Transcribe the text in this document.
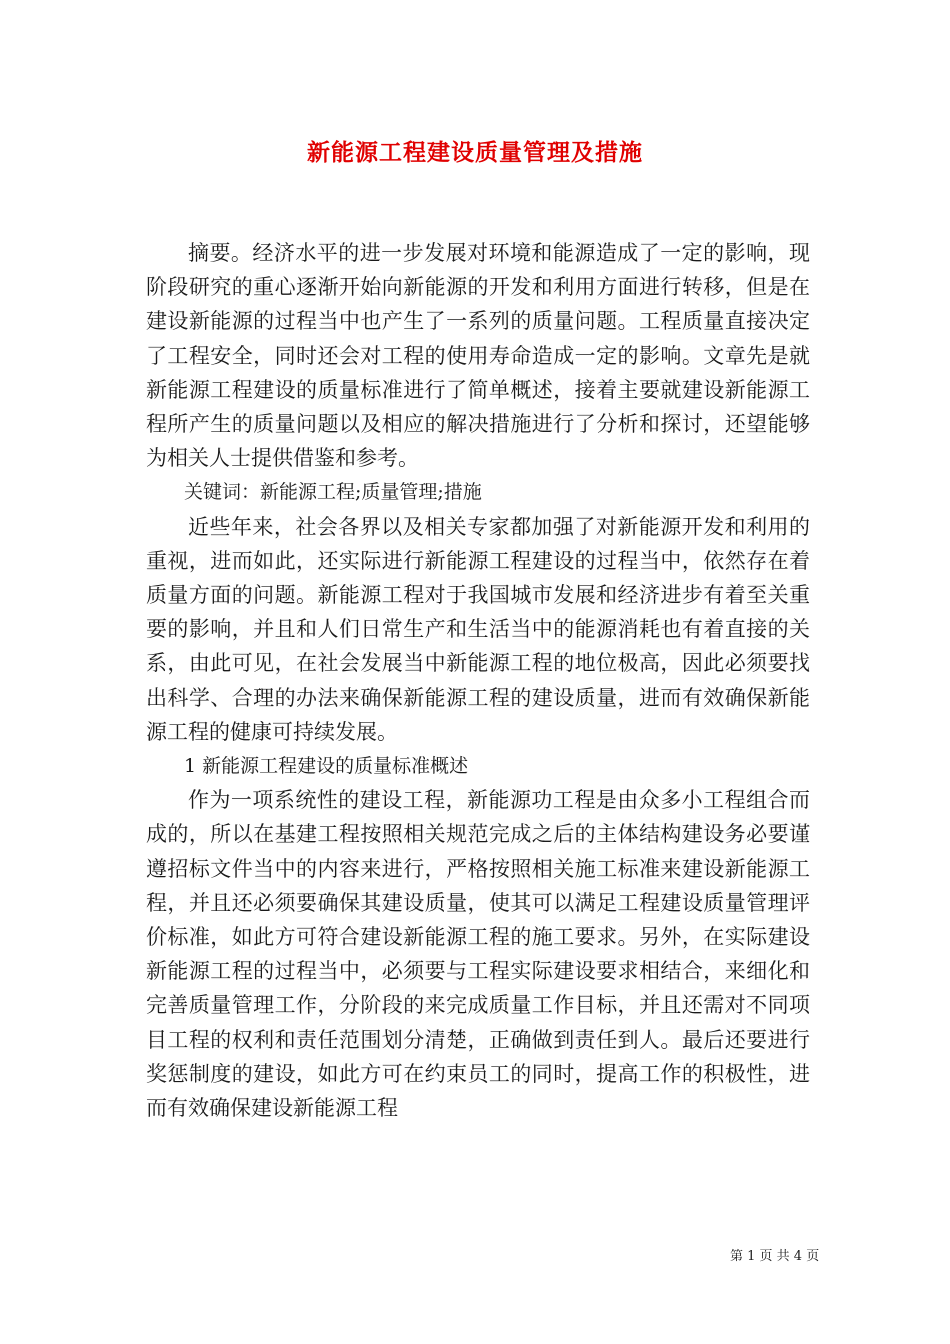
新能源工程建设质量管理及措施

摘要。经济水平的进一步发展对环境和能源造成了一定的影响，现阶段研究的重心逐渐开始向新能源的开发和利用方面进行转移，但是在建设新能源的过程当中也产生了一系列的质量问题。工程质量直接决定了工程安全，同时还会对工程的使用寿命造成一定的影响。文章先是就新能源工程建设的质量标准进行了简单概述，接着主要就建设新能源工程所产生的质量问题以及相应的解决措施进行了分析和探讨，还望能够为相关人士提供借鉴和参考。

关键词：新能源工程;质量管理;措施

近些年来，社会各界以及相关专家都加强了对新能源开发和利用的重视，进而如此，还实际进行新能源工程建设的过程当中，依然存在着质量方面的问题。新能源工程对于我国城市发展和经济进步有着至关重要的影响，并且和人们日常生产和生活当中的能源消耗也有着直接的关系，由此可见，在社会发展当中新能源工程的地位极高，因此必须要找出科学、合理的办法来确保新能源工程的建设质量，进而有效确保新能源工程的健康可持续发展。

1 新能源工程建设的质量标准概述

作为一项系统性的建设工程，新能源功工程是由众多小工程组合而成的，所以在基建工程按照相关规范完成之后的主体结构建设务必要谨遵招标文件当中的内容来进行，严格按照相关施工标准来建设新能源工程，并且还必须要确保其建设质量，使其可以满足工程建设质量管理评价标准，如此方可符合建设新能源工程的施工要求。另外，在实际建设新能源工程的过程当中，必须要与工程实际建设要求相结合，来细化和完善质量管理工作，分阶段的来完成质量工作目标，并且还需对不同项目工程的权利和责任范围划分清楚，正确做到责任到人。最后还要进行奖惩制度的建设，如此方可在约束员工的同时，提高工作的积极性，进而有效确保建设新能源工程

第 1 页 共 4 页
